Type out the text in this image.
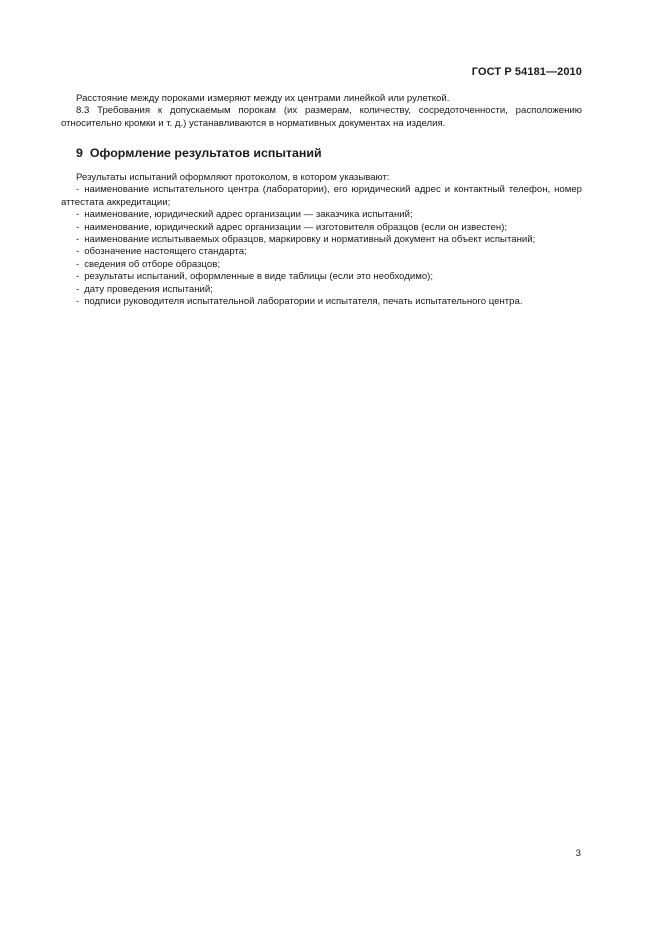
ГОСТ Р 54181—2010

Расстояние между пороками измеряют между их центрами линейкой или рулеткой.

8.3 Требования к допускаемым порокам (их размерам, количеству, сосредоточенности, расположению относительно кромки и т. д.) устанавливаются в нормативных документах на изделия.

9 Оформление результатов испытаний

Результаты испытаний оформляют протоколом, в котором указывают:

- наименование испытательного центра (лаборатории), его юридический адрес и контактный телефон, номер аттестата аккредитации;
- наименование, юридический адрес организации — заказчика испытаний;
- наименование, юридический адрес организации — изготовителя образцов (если он известен);
- наименование испытываемых образцов, маркировку и нормативный документ на объект испытаний;
- обозначение настоящего стандарта;
- сведения об отборе образцов;
- результаты испытаний, оформленные в виде таблицы (если это необходимо);
- дату проведения испытаний;
- подписи руководителя испытательной лаборатории и испытателя, печать испытательного центра.
3
